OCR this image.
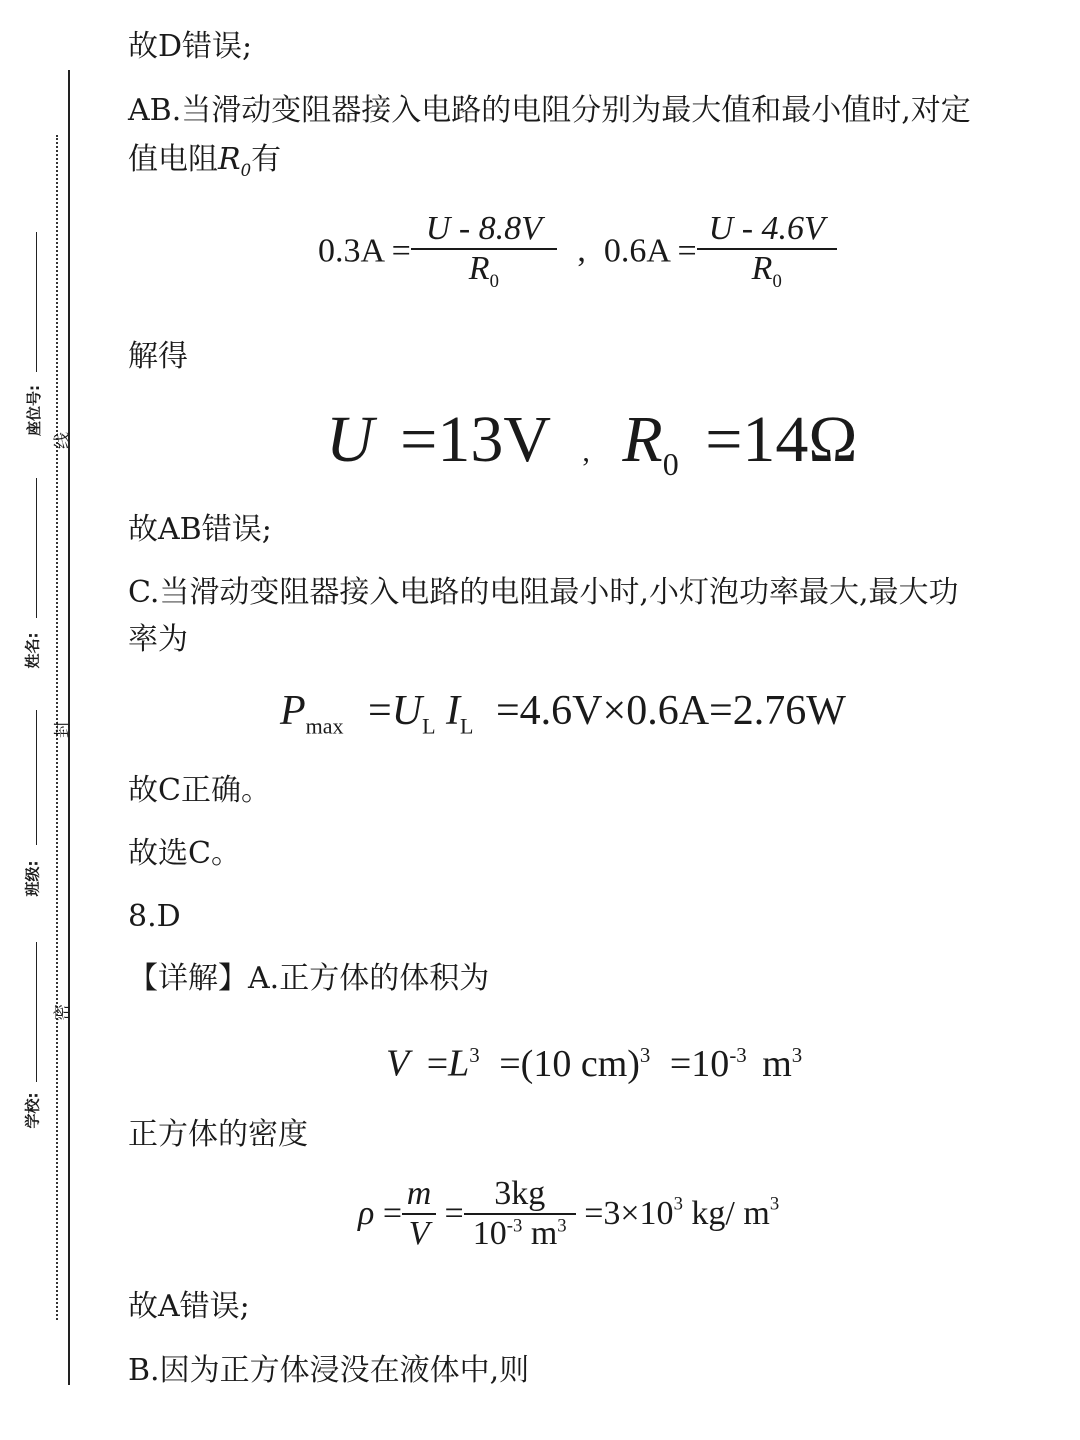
座位号:
姓名:
班级:
学校:
线
封
密
故D错误;
AB.当滑动变阻器接入电路的电阻分别为最大值和最小值时,对定
值电阻$R_0$有
$0.3A = \frac{U - 8.8V}{R_0}$ , $0.6A = \frac{U - 4.6V}{R_0}$
解得
U =13V , $R_0 =14\Omega$
故AB错误;
C.当滑动变阻器接入电路的电阻最小时,小灯泡功率最大,最大功
率为
$P_{max} =U_L$ $I_L =4.6V\times 0.6A=2.76W$
故C正确。
故选C。
8.D
【详解】A.正方体的体积为
$V =L^3 =(10$ $cm)^3 =10^{-3}$ $m^3$
正方体的密度
$\rho = \frac{m}{V} = \frac{3kg}{10^{-3} m^3} =3\times 10^3$ kg/ $m^3$
故A错误;
B.因为正方体浸没在液体中,则
